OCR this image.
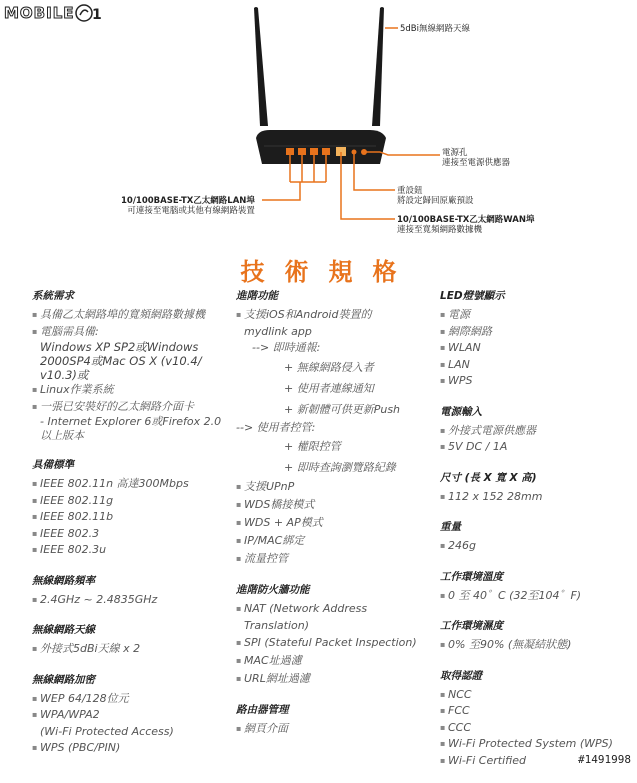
MOBILE 1
5dBi無線網路天線
電源孔
連接至電源供應器
重設鈕
將設定歸回原廠預設
10/100BASE-TX乙太網路WAN埠
連接至寬頻網路數據機
10/100BASE-TX乙太網路LAN埠
可連接至電腦或其他有線網路裝置
技術規格
系統需求
▪ 具備乙太網路埠的寬頻網路數據機
▪ 電腦需具備:
Windows XP SP2或Windows
2000SP4或Mac OS X (v10.4/
v10.3)或
▪ Linux作業系統
▪ 一張已安裝好的乙太網路介面卡
- Internet Explorer 6或Firefox 2.0
以上版本
具備標準
▪ IEEE 802.11n 高達300Mbps
▪ IEEE 802.11g
▪ IEEE 802.11b
▪ IEEE 802.3
▪ IEEE 802.3u
無線網路頻率
▪ 2.4GHz ~ 2.4835GHz
無線網路天線
▪ 外接式5dBi天線 x 2
無線網路加密
▪ WEP 64/128位元
▪ WPA/WPA2
(Wi-Fi Protected Access)
▪ WPS (PBC/PIN)
進階功能
▪ 支援iOS和Android裝置的
mydlink app
--> 即時通報:
+ 無線網路侵入者
+ 使用者連線通知
+ 新韌體可供更新Push
--> 使用者控管:
+ 權限控管
+ 即時查詢瀏覽路紀錄
▪ 支援UPnP
▪ WDS橋接模式
▪ WDS + AP模式
▪ IP/MAC綁定
▪ 流量控管
進階防火牆功能
▪ NAT (Network Address
Translation)
▪ SPI (Stateful Packet Inspection)
▪ MAC址過濾
▪ URL網址過濾
路由器管理
▪ 網頁介面
LED燈號顯示
▪ 電源
▪ 網際網路
▪ WLAN
▪ LAN
▪ WPS
電源輸入
▪ 外接式電源供應器
▪ 5V DC / 1A
尺寸 (長 X 寬 X 高)
▪ 112 x 152 28mm
重量
▪ 246g
工作環境溫度
▪ 0 至 40゜C (32至104゜F)
工作環境濕度
▪ 0% 至90% (無凝結狀態)
取得認證
▪ NCC
▪ FCC
▪ CCC
▪ Wi-Fi Protected System (WPS)
▪ Wi-Fi Certified	#1491998
